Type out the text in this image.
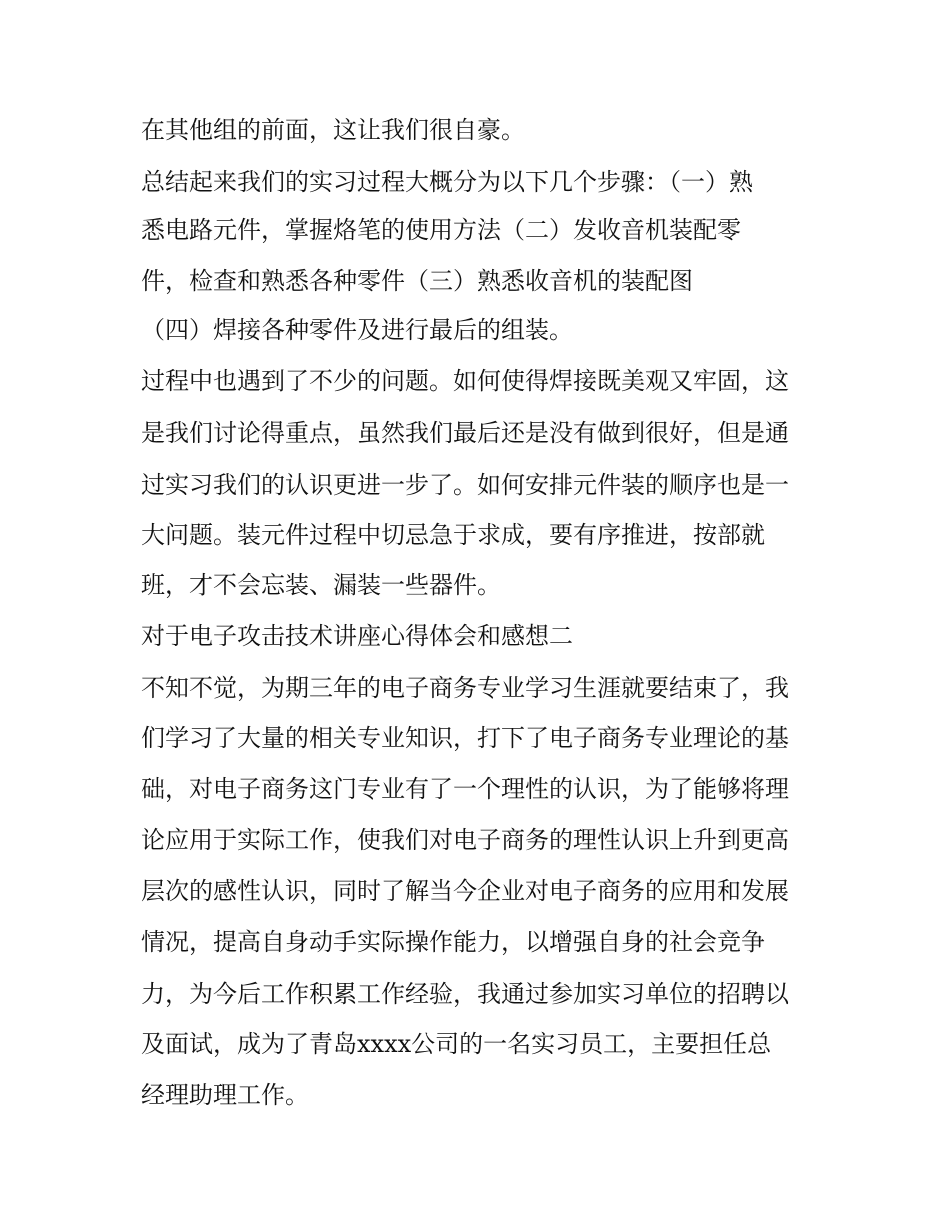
在其他组的前面，这让我们很自豪。
总结起来我们的实习过程大概分为以下几个步骤：（一）熟
悉电路元件，掌握烙笔的使用方法（二）发收音机装配零
件，检查和熟悉各种零件（三）熟悉收音机的装配图
（四）焊接各种零件及进行最后的组装。
过程中也遇到了不少的问题。如何使得焊接既美观又牢固，这
是我们讨论得重点，虽然我们最后还是没有做到很好，但是通
过实习我们的认识更进一步了。如何安排元件装的顺序也是一
大问题。装元件过程中切忌急于求成，要有序推进，按部就
班，才不会忘装、漏装一些器件。
对于电子攻击技术讲座心得体会和感想二
不知不觉，为期三年的电子商务专业学习生涯就要结束了，我
们学习了大量的相关专业知识，打下了电子商务专业理论的基
础，对电子商务这门专业有了一个理性的认识，为了能够将理
论应用于实际工作，使我们对电子商务的理性认识上升到更高
层次的感性认识，同时了解当今企业对电子商务的应用和发展
情况，提高自身动手实际操作能力，以增强自身的社会竞争
力，为今后工作积累工作经验，我通过参加实习单位的招聘以
及面试，成为了青岛xxxx公司的一名实习员工，主要担任总
经理助理工作。
